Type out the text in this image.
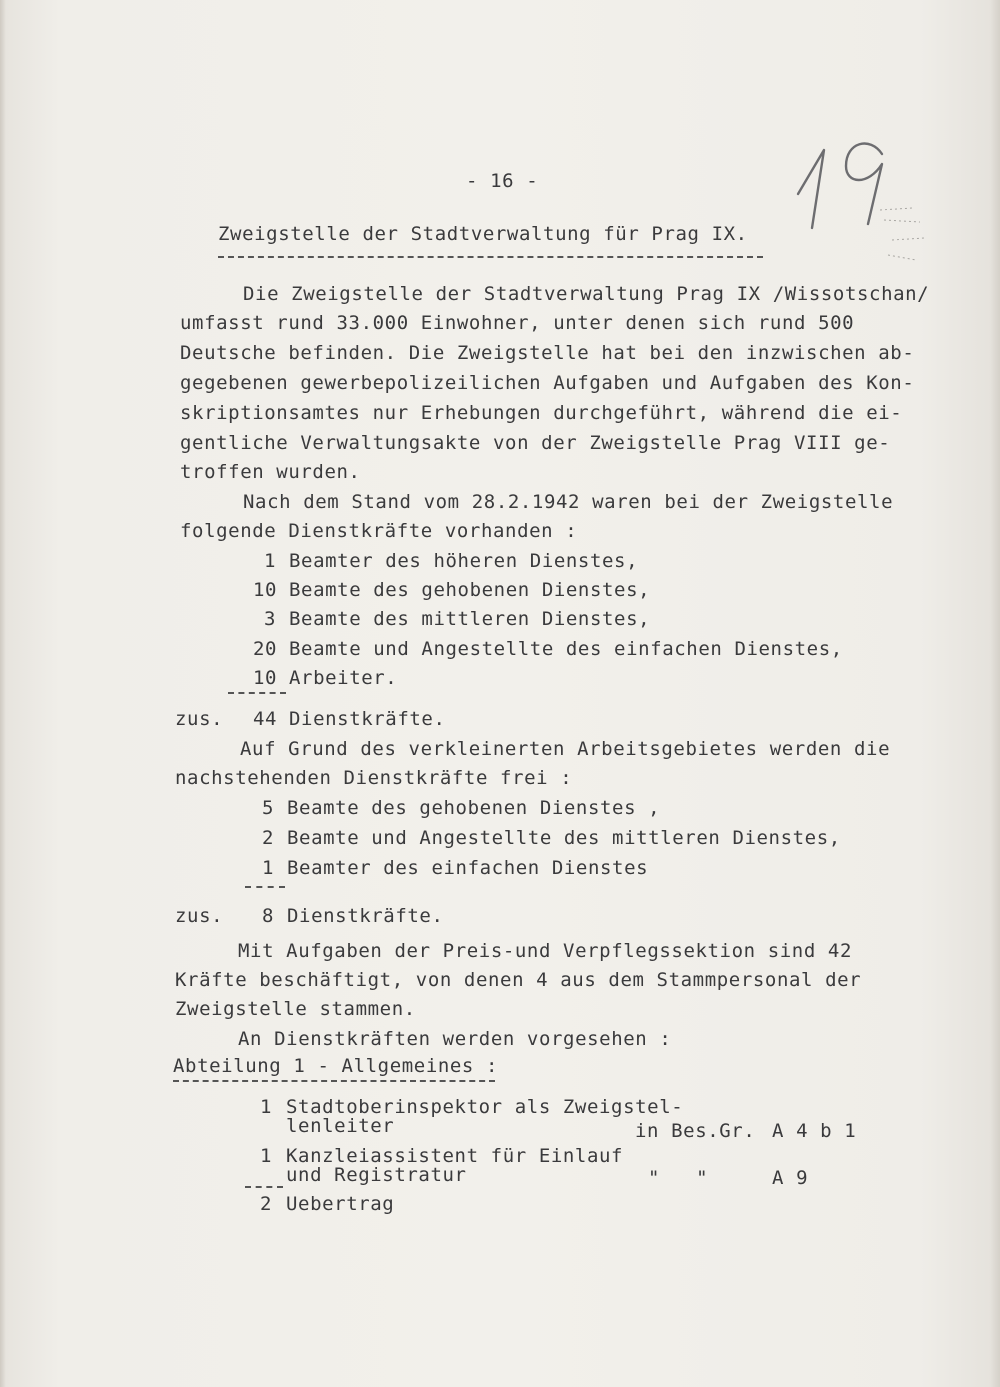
- 16 -
Zweigstelle der Stadtverwaltung für Prag IX.
Die Zweigstelle der Stadtverwaltung Prag IX /Wissotschan/
umfasst rund 33.000 Einwohner, unter denen sich rund 500
Deutsche befinden. Die Zweigstelle hat bei den inzwischen ab-
gegebenen gewerbepolizeilichen Aufgaben und Aufgaben des Kon-
skriptionsamtes nur Erhebungen durchgeführt, während die ei-
gentliche Verwaltungsakte von der Zweigstelle Prag VIII ge-
troffen wurden.
Nach dem Stand vom 28.2.1942 waren bei der Zweigstelle
folgende Dienstkräfte vorhanden :
1 Beamter des höheren Dienstes,
10 Beamte des gehobenen Dienstes,
3 Beamte des mittleren Dienstes,
20 Beamte und Angestellte des einfachen Dienstes,
10 Arbeiter.
zus. 44 Dienstkräfte.
Auf Grund des verkleinerten Arbeitsgebietes werden die
nachstehenden Dienstkräfte frei :
5 Beamte des gehobenen Dienstes ,
2 Beamte und Angestellte des mittleren Dienstes,
1 Beamter des einfachen Dienstes
zus. 8 Dienstkräfte.
Mit Aufgaben der Preis-und Verpflegssektion sind 42
Kräfte beschäftigt, von denen 4 aus dem Stammpersonal der
Zweigstelle stammen.
An Dienstkräften werden vorgesehen :
Abteilung 1 - Allgemeines :
1 Stadtoberinspektor als Zweigstel-
lenleiter	in Bes.Gr. A 4 b 1
1 Kanzleiassistent für Einlauf
und Registratur	"   "	A 9
2 Uebertrag
